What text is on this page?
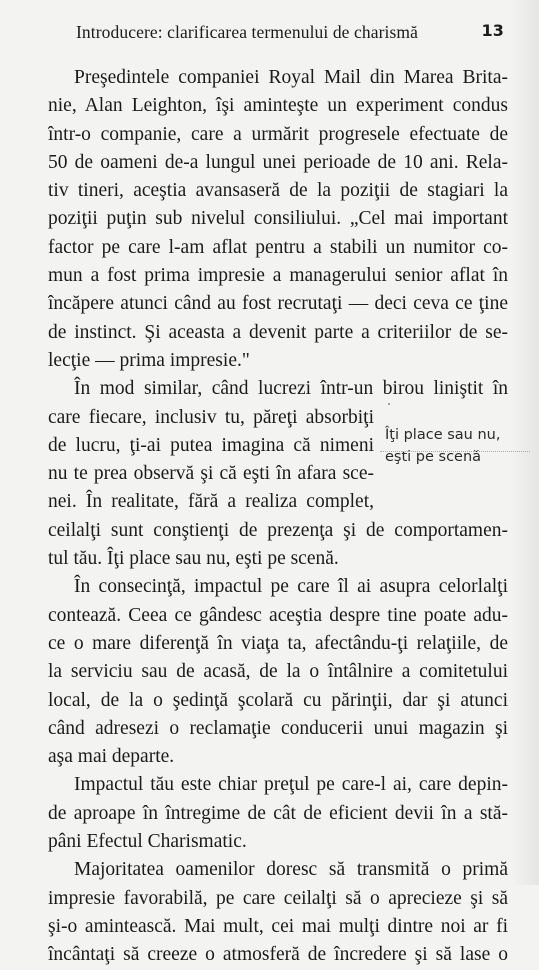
Introducere: clarificarea termenului de charismă	13
Preşedintele companiei Royal Mail din Marea Brita-
nie, Alan Leighton, îşi aminteşte un experiment condus
într-o companie, care a urmărit progresele efectuate de
50 de oameni de-a lungul unei perioade de 10 ani. Rela-
tiv tineri, aceştia avansaseră de la poziţii de stagiari la
poziţii puţin sub nivelul consiliului. „Cel mai important
factor pe care l-am aflat pentru a stabili un numitor co-
mun a fost prima impresie a managerului senior aflat în
încăpere atunci când au fost recrutaţi — deci ceva ce ţine
de instinct. Şi aceasta a devenit parte a criteriilor de se-
lecţie — prima impresie."
În mod similar, când lucrezi într-un birou liniştit în
care fiecare, inclusiv tu, păreţi absorbiţi
de lucru, ţi-ai putea imagina că nimeni
nu te prea observă şi că eşti în afara sce-
nei. În realitate, fără a realiza complet,
ceilalţi sunt conştienţi de prezenţa şi de comportamen-
tul tău. Îţi place sau nu, eşti pe scenă.
În consecinţă, impactul pe care îl ai asupra celorlalţi
contează. Ceea ce gândesc aceştia despre tine poate adu-
ce o mare diferenţă în viaţa ta, afectându-ţi relaţiile, de
la serviciu sau de acasă, de la o întâlnire a comitetului
local, de la o şedinţă şcolară cu părinţii, dar şi atunci
când adresezi o reclamaţie conducerii unui magazin şi
aşa mai departe.
Impactul tău este chiar preţul pe care-l ai, care depin-
de aproape în întregime de cât de eficient devii în a stă-
pâni Efectul Charismatic.
Majoritatea oamenilor doresc să transmită o primă
impresie favorabilă, pe care ceilalţi să o aprecieze şi să
şi-o amintească. Mai mult, cei mai mulţi dintre noi ar fi
încântaţi să creeze o atmosferă de încredere şi să lase o
Îţi place sau nu,
eşti pe scenă
